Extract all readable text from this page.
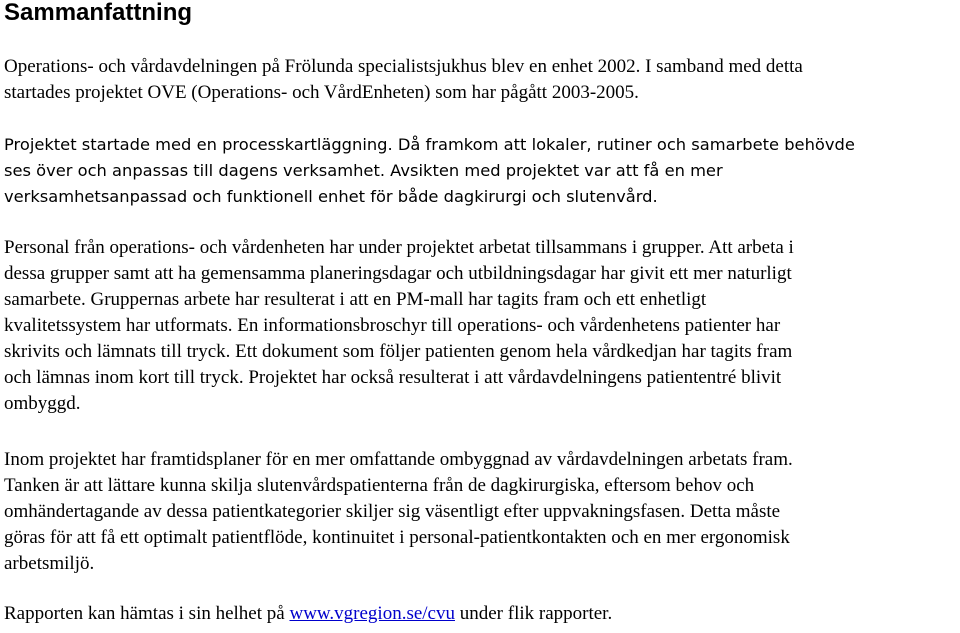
Sammanfattning

Operations- och vårdavdelningen på Frölunda specialistsjukhus blev en enhet 2002. I samband med detta
startades projektet OVE (Operations- och VårdEnheten) som har pågått 2003-2005.

Projektet startade med en processkartläggning. Då framkom att lokaler, rutiner och samarbete behövde
ses över och anpassas till dagens verksamhet. Avsikten med projektet var att få en mer
verksamhetsanpassad och funktionell enhet för både dagkirurgi och slutenvård.

Personal från operations- och vårdenheten har under projektet arbetat tillsammans i grupper. Att arbeta i
dessa grupper samt att ha gemensamma planeringsdagar och utbildningsdagar har givit ett mer naturligt
samarbete. Gruppernas arbete har resulterat i att en PM-mall har tagits fram och ett enhetligt
kvalitetssystem har utformats. En informationsbroschyr till operations- och vårdenhetens patienter har
skrivits och lämnats till tryck. Ett dokument som följer patienten genom hela vårdkedjan har tagits fram
och lämnas inom kort till tryck. Projektet har också resulterat i att vårdavdelningens patiententré blivit
ombyggd.

Inom projektet har framtidsplaner för en mer omfattande ombyggnad av vårdavdelningen arbetats fram.
Tanken är att lättare kunna skilja slutenvårdspatienterna från de dagkirurgiska, eftersom behov och
omhändertagande av dessa patientkategorier skiljer sig väsentligt efter uppvakningsfasen. Detta måste
göras för att få ett optimalt patientflöde, kontinuitet i personal-patientkontakten och en mer ergonomisk
arbetsmiljö.

Rapporten kan hämtas i sin helhet på www.vgregion.se/cvu under flik rapporter.
